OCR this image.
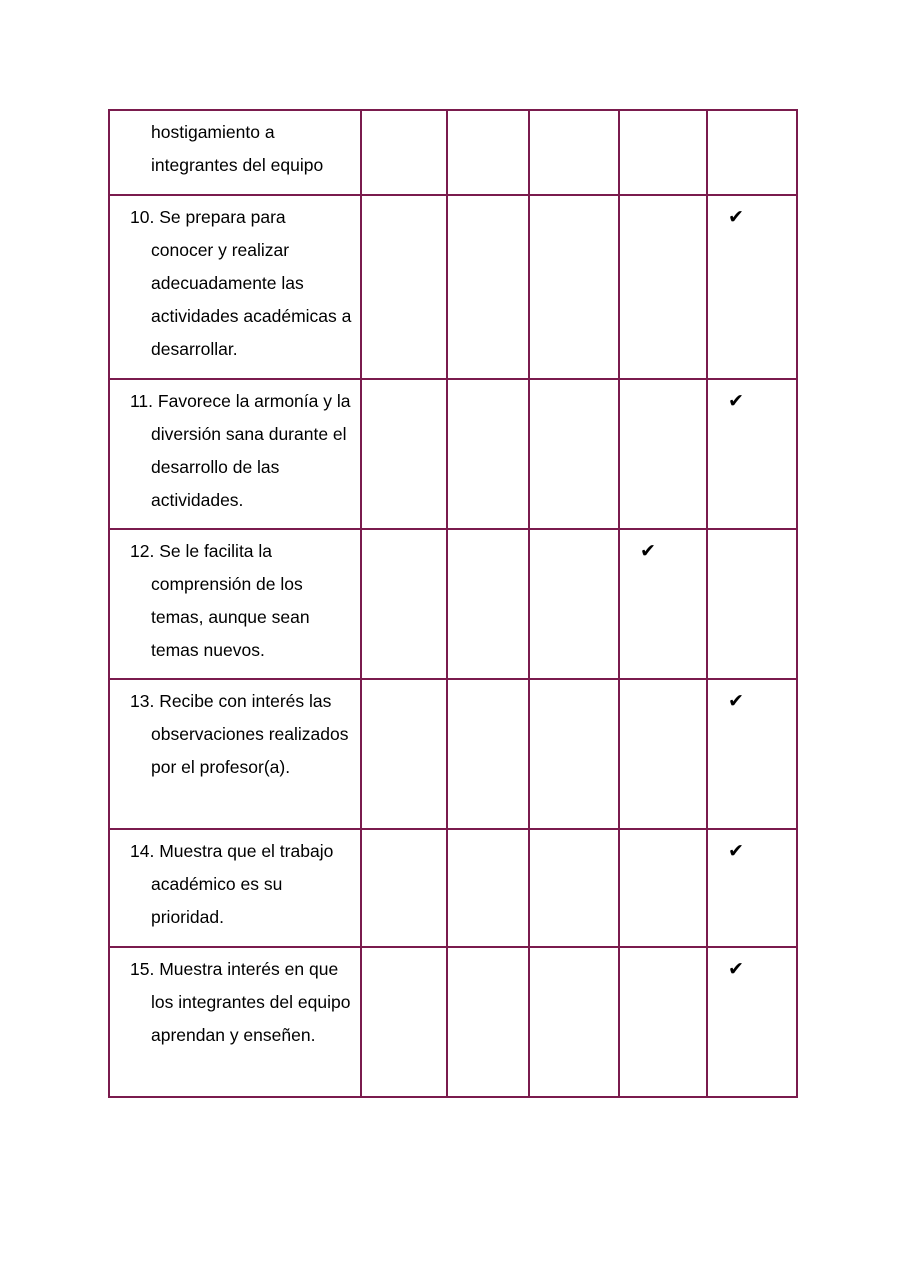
hostigamiento a integrantes del equipo					

10. Se prepara para conocer y realizar adecuadamente las actividades académicas a desarrollar.					✔

11. Favorece la armonía y la diversión sana durante el desarrollo de las actividades.					✔

12. Se le facilita la comprensión de los temas, aunque sean temas nuevos.				✔	

13. Recibe con interés las observaciones realizados por el profesor(a).					✔

14. Muestra que el trabajo académico es su prioridad.					✔

15. Muestra interés en que los integrantes del equipo aprendan y enseñen.					✔
